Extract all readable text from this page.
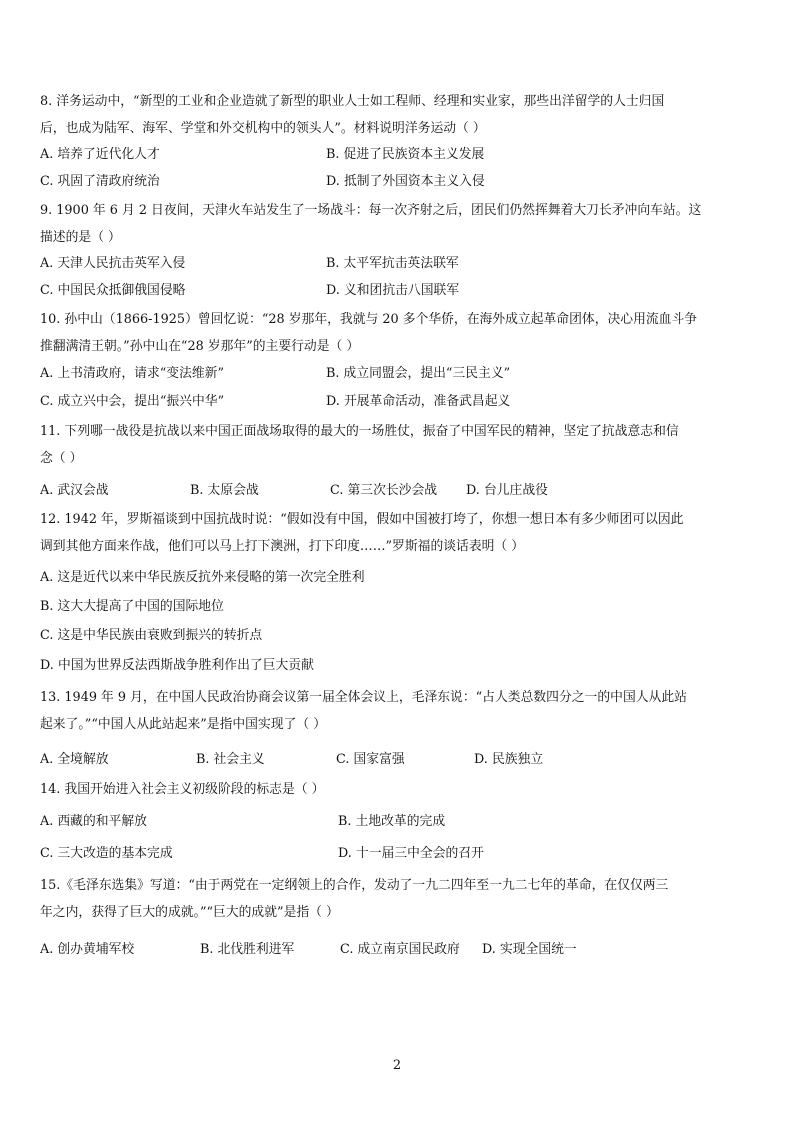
8. 洋务运动中，“新型的工业和企业造就了新型的职业人士如工程师、经理和实业家，那些出洋留学的人士归国
后，也成为陆军、海军、学堂和外交机构中的领头人”。材料说明洋务运动（ ）
A. 培养了近代化人才	B. 促进了民族资本主义发展
C. 巩固了清政府统治	D. 抵制了外国资本主义入侵
9. 1900 年 6 月 2 日夜间，天津火车站发生了一场战斗：每一次齐射之后，团民们仍然挥舞着大刀长矛冲向车站。这
描述的是（ ）
A. 天津人民抗击英军入侵	B. 太平军抗击英法联军
C. 中国民众抵御俄国侵略	D. 义和团抗击八国联军
10. 孙中山（1866-1925）曾回忆说：“28 岁那年，我就与 20 多个华侨，在海外成立起革命团体，决心用流血斗争
推翻满清王朝。”孙中山在“28 岁那年”的主要行动是（ ）
A. 上书清政府，请求“变法维新”	B. 成立同盟会，提出“三民主义”
C. 成立兴中会，提出“振兴中华”	D. 开展革命活动，准备武昌起义
11. 下列哪一战役是抗战以来中国正面战场取得的最大的一场胜仗，振奋了中国军民的精神，坚定了抗战意志和信
念（ ）
A. 武汉会战	B. 太原会战	C. 第三次长沙会战 D. 台儿庄战役
12. 1942 年，罗斯福谈到中国抗战时说：“假如没有中国，假如中国被打垮了，你想一想日本有多少师团可以因此
调到其他方面来作战，他们可以马上打下澳洲，打下印度……”罗斯福的谈话表明（ ）
A. 这是近代以来中华民族反抗外来侵略的第一次完全胜利
B. 这大大提高了中国的国际地位
C. 这是中华民族由衰败到振兴的转折点
D. 中国为世界反法西斯战争胜利作出了巨大贡献
13. 1949 年 9 月，在中国人民政治协商会议第一届全体会议上，毛泽东说：“占人类总数四分之一的中国人从此站
起来了。”“中国人从此站起来”是指中国实现了（ ）
A. 全境解放	B. 社会主义	C. 国家富强	D. 民族独立
14. 我国开始进入社会主义初级阶段的标志是（ ）
A. 西藏的和平解放	B. 土地改革的完成
C. 三大改造的基本完成	D. 十一届三中全会的召开
15.《毛泽东选集》写道：“由于两党在一定纲领上的合作，发动了一九二四年至一九二七年的革命，在仅仅两三
年之内，获得了巨大的成就。”“巨大的成就”是指（ ）
A. 创办黄埔军校	B. 北伐胜利进军	C. 成立南京国民政府 D. 实现全国统一
2
